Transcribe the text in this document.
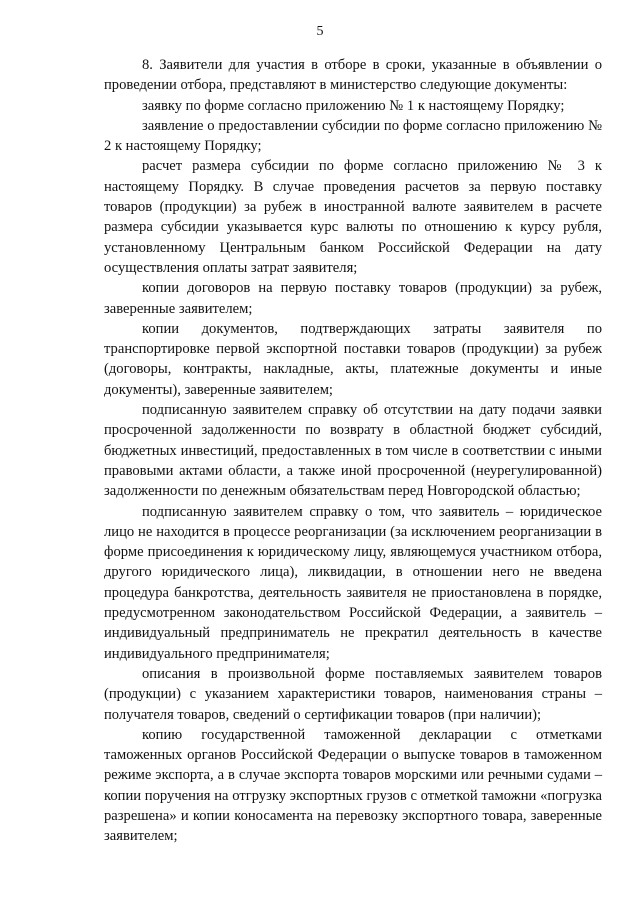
5

8. Заявители для участия в отборе в сроки, указанные в объявлении о проведении отбора, представляют в министерство следующие документы:

заявку по форме согласно приложению № 1 к настоящему Порядку;

заявление о предоставлении субсидии по форме согласно приложению № 2 к настоящему Порядку;

расчет размера субсидии по форме согласно приложению № 3 к настоящему Порядку. В случае проведения расчетов за первую поставку товаров (продукции) за рубеж в иностранной валюте заявителем в расчете размера субсидии указывается курс валюты по отношению к курсу рубля, установленному Центральным банком Российской Федерации на дату осуществления оплаты затрат заявителя;

копии договоров на первую поставку товаров (продукции) за рубеж, заверенные заявителем;

копии документов, подтверждающих затраты заявителя по транспортировке первой экспортной поставки товаров (продукции) за рубеж (договоры, контракты, накладные, акты, платежные документы и иные документы), заверенные заявителем;

подписанную заявителем справку об отсутствии на дату подачи заявки просроченной задолженности по возврату в областной бюджет субсидий, бюджетных инвестиций, предоставленных в том числе в соответствии с иными правовыми актами области, а также иной просроченной (неурегулированной) задолженности по денежным обязательствам перед Новгородской областью;

подписанную заявителем справку о том, что заявитель – юридическое лицо не находится в процессе реорганизации (за исключением реорганизации в форме присоединения к юридическому лицу, являющемуся участником отбора, другого юридического лица), ликвидации, в отношении него не введена процедура банкротства, деятельность заявителя не приостановлена в порядке, предусмотренном законодательством Российской Федерации, а заявитель – индивидуальный предприниматель не прекратил деятельность в качестве индивидуального предпринимателя;

описания в произвольной форме поставляемых заявителем товаров (продукции) с указанием характеристики товаров, наименования страны – получателя товаров, сведений о сертификации товаров (при наличии);

копию государственной таможенной декларации с отметками таможенных органов Российской Федерации о выпуске товаров в таможенном режиме экспорта, а в случае экспорта товаров морскими или речными судами – копии поручения на отгрузку экспортных грузов с отметкой таможни «погрузка разрешена» и копии коносамента на перевозку экспортного товара, заверенные заявителем;
